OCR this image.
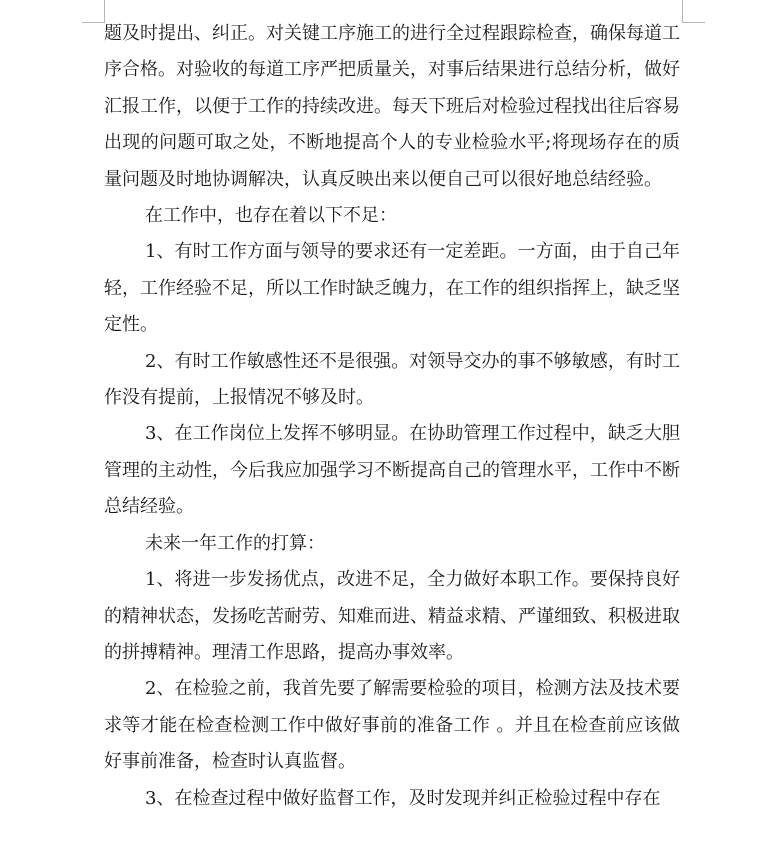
题及时提出、纠正。对关键工序施工的进行全过程跟踪检查，确保每道工序合格。对验收的每道工序严把质量关，对事后结果进行总结分析，做好汇报工作，以便于工作的持续改进。每天下班后对检验过程找出往后容易出现的问题可取之处，不断地提高个人的专业检验水平;将现场存在的质量问题及时地协调解决，认真反映出来以便自己可以很好地总结经验。

在工作中，也存在着以下不足：

1、有时工作方面与领导的要求还有一定差距。一方面，由于自己年轻，工作经验不足，所以工作时缺乏魄力，在工作的组织指挥上，缺乏坚定性。

2、有时工作敏感性还不是很强。对领导交办的事不够敏感，有时工作没有提前，上报情况不够及时。

3、在工作岗位上发挥不够明显。在协助管理工作过程中，缺乏大胆管理的主动性，今后我应加强学习不断提高自己的管理水平，工作中不断总结经验。

未来一年工作的打算：

1、将进一步发扬优点，改进不足，全力做好本职工作。要保持良好的精神状态，发扬吃苦耐劳、知难而进、精益求精、严谨细致、积极进取的拼搏精神。理清工作思路，提高办事效率。

2、在检验之前，我首先要了解需要检验的项目，检测方法及技术要求等才能在检查检测工作中做好事前的准备工作 。并且在检查前应该做好事前准备，检查时认真监督。

3、在检查过程中做好监督工作，及时发现并纠正检验过程中存在
